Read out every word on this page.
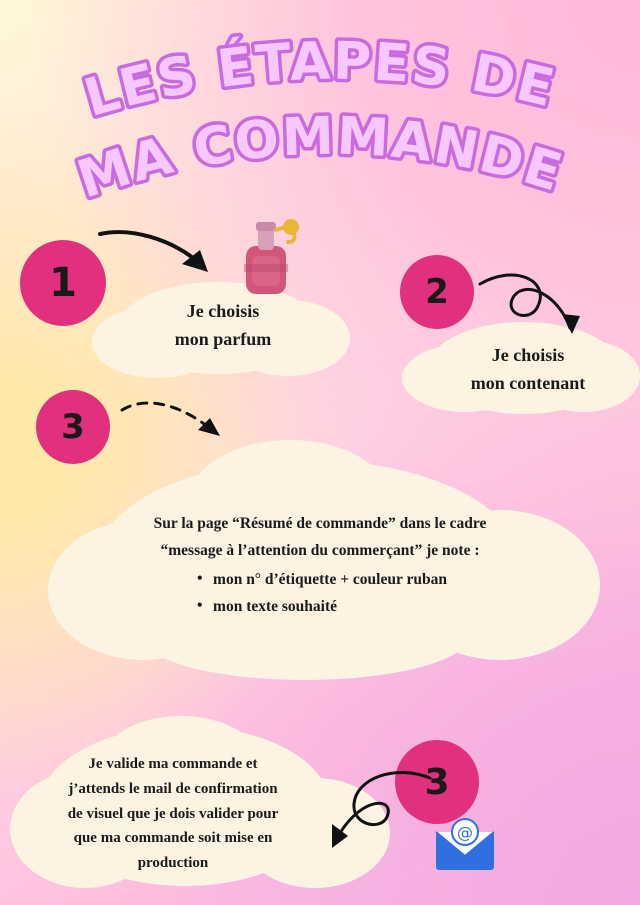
LES ÉTAPES DE
MA COMMANDE
1	2
3
3
@
Je choisis
mon parfum
Je choisis
mon contenant
Sur la page “Résumé de commande” dans le cadre
“message à l’attention du commerçant” je note :
• mon n° d’étiquette + couleur ruban
• mon texte souhaité
Je valide ma commande et
j’attends le mail de confirmation
de visuel que je dois valider pour
que ma commande soit mise en
production
